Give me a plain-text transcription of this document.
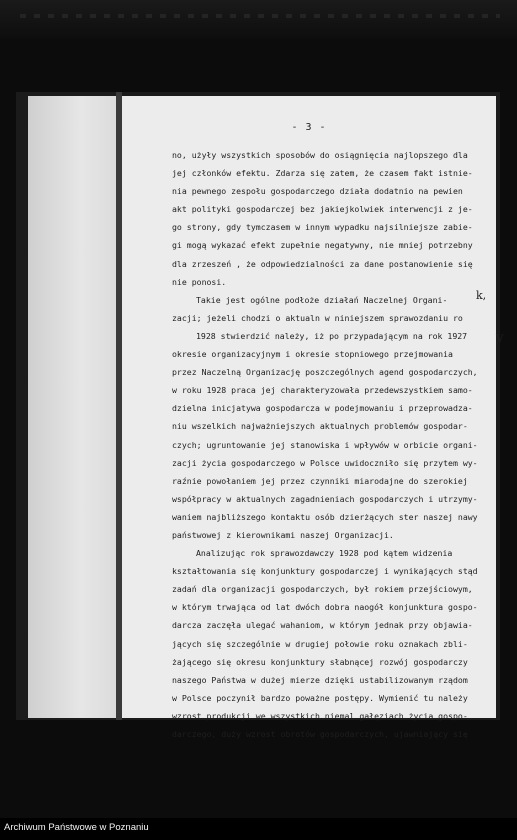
- 3 -
no, użyły wszystkich sposobów do osiągnięcia najlopszego dla
jej członków efektu. Zdarza się zatem, że czasem fakt istnie-
nia pewnego zespołu gospodarczego działa dodatnio na pewien
akt polityki gospodarczej bez jakiejkolwiek interwencji z je-
go strony, gdy tymczasem w innym wypadku najsilniejsze zabie-
gi mogą wykazać efekt zupełnie negatywny, nie mniej potrzebny
dla zrzeszeń , że odpowiedzialności za dane postanowienie się
nie ponosi.
Takie jest ogólne podłoże działań Naczelnej Organi-
zacji; jeżeli chodzi o aktualn w niniejszem sprawozdaniu ro
1928 stwierdzić należy, iż po przypadającym na rok 1927
okresie organizacyjnym i okresie stopniowego przejmowania
przez Naczelną Organizację poszczególnych agend gospodarczych,
w roku 1928 praca jej charakteryzowała przedewszystkiem samo-
dzielna inicjatywa gospodarcza w podejmowaniu i przeprowadza-
niu wszelkich najważniejszych aktualnych problemów gospodar-
czych; ugruntowanie jej stanowiska i wpływów w orbicie organi-
zacji życia gospodarczego w Polsce uwidoczniło się przytem wy-
raźnie powołaniem jej przez czynniki miarodajne do szerokiej
współpracy w aktualnych zagadnieniach gospodarczych i utrzymy-
waniem najbliższego kontaktu osób dzierżących ster naszej nawy
państwowej z kierownikami naszej Organizacji.
Analizując rok sprawozdawczy 1928 pod kątem widzenia
kształtowania się konjunktury gospodarczej i wynikających stąd
zadań dla organizacji gospodarczych, był rokiem przejściowym,
w którym trwająca od lat dwóch dobra naogół konjunktura gospo-
darcza zaczęła ulegać wahaniom, w którym jednak przy objawia-
jących się szczególnie w drugiej połowie roku oznakach zbli-
żającego się okresu konjunktury słabnącej rozwój gospodarczy
naszego Państwa w dużej mierze dzięki ustabilizowanym rządom
w Polsce poczynił bardzo poważne postępy. Wymienić tu należy
wzrost produkcji we wszystkich niemal gałęziach życia gospo-
darczego, duży wzrost obrotów gospodarczych, ujawniający się
k,
V
Archiwum Państwowe w Poznaniu
